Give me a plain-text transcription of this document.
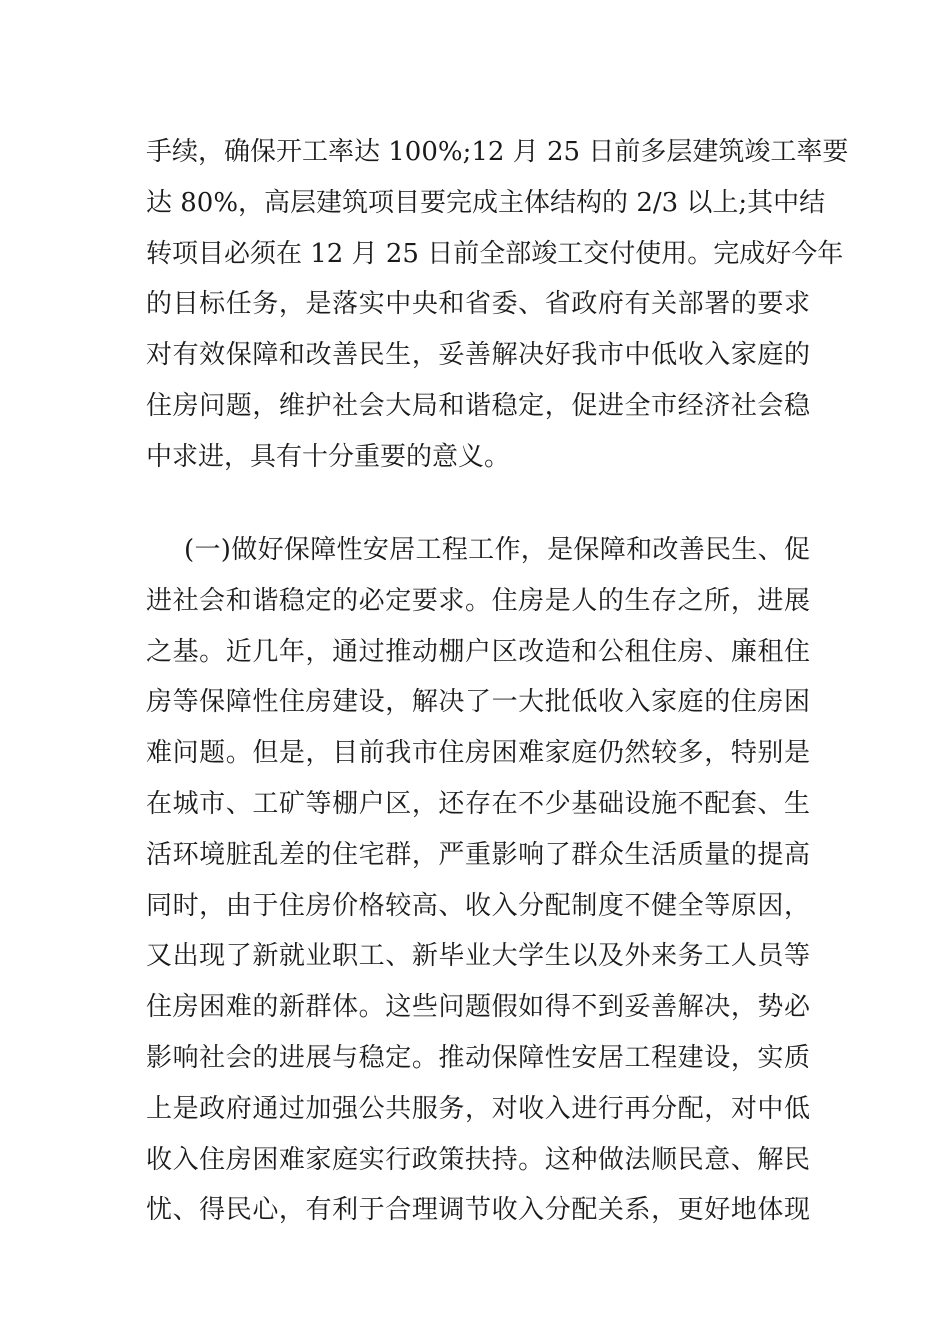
手续，确保开工率达 100%;12 月 25 日前多层建筑竣工率要
达 80%，高层建筑项目要完成主体结构的 2/3 以上;其中结
转项目必须在 12 月 25 日前全部竣工交付使用。完成好今年
的目标任务，是落实中央和省委、省政府有关部署的要求
对有效保障和改善民生，妥善解决好我市中低收入家庭的
住房问题，维护社会大局和谐稳定，促进全市经济社会稳
中求进，具有十分重要的意义。
(一)做好保障性安居工程工作，是保障和改善民生、促
进社会和谐稳定的必定要求。住房是人的生存之所，进展
之基。近几年，通过推动棚户区改造和公租住房、廉租住
房等保障性住房建设，解决了一大批低收入家庭的住房困
难问题。但是，目前我市住房困难家庭仍然较多，特别是
在城市、工矿等棚户区，还存在不少基础设施不配套、生
活环境脏乱差的住宅群，严重影响了群众生活质量的提高
同时，由于住房价格较高、收入分配制度不健全等原因，
又出现了新就业职工、新毕业大学生以及外来务工人员等
住房困难的新群体。这些问题假如得不到妥善解决，势必
影响社会的进展与稳定。推动保障性安居工程建设，实质
上是政府通过加强公共服务，对收入进行再分配，对中低
收入住房困难家庭实行政策扶持。这种做法顺民意、解民
忧、得民心，有利于合理调节收入分配关系，更好地体现
